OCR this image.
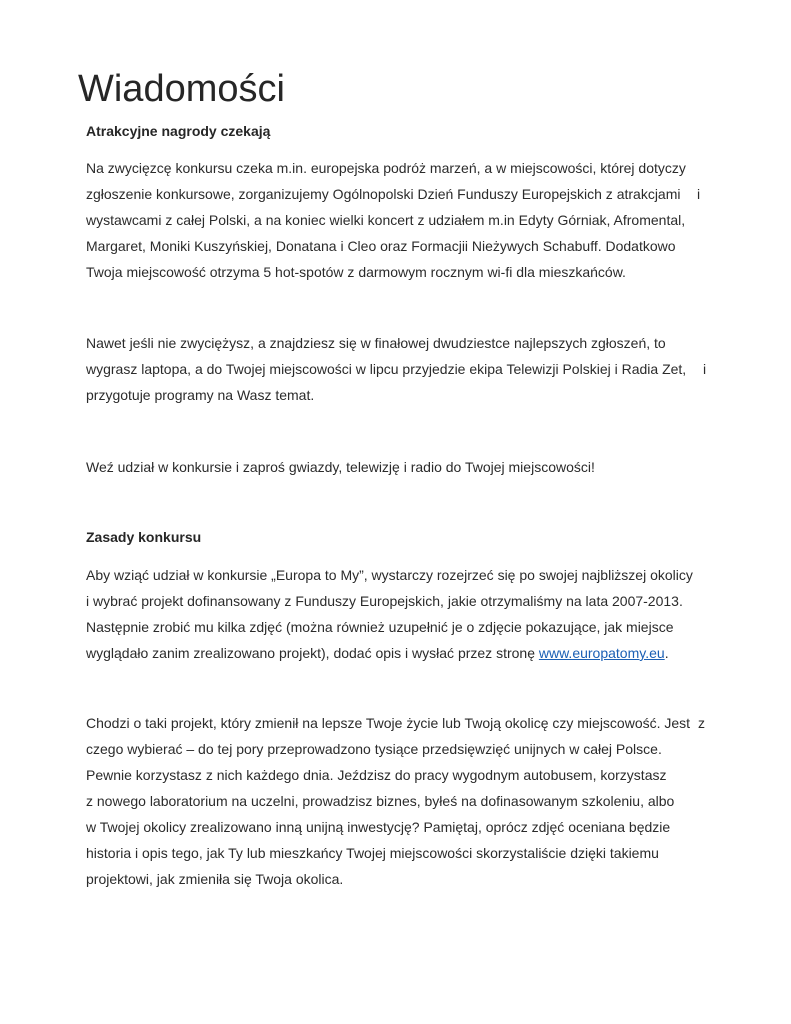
Wiadomości
Atrakcyjne nagrody czekają
Na zwycięzcę konkursu czeka m.in. europejska podróż marzeń, a w miejscowości, której dotyczy
zgłoszenie konkursowe, zorganizujemy Ogólnopolski Dzień Funduszy Europejskich z atrakcjami i
wystawcami z całej Polski, a na koniec wielki koncert z udziałem m.in Edyty Górniak, Afromental,
Margaret, Moniki Kuszyńskiej, Donatana i Cleo oraz Formacjii Nieżywych Schabuff. Dodatkowo
Twoja miejscowość otrzyma 5 hot-spotów z darmowym rocznym wi-fi dla mieszkańców.
Nawet jeśli nie zwyciężysz, a znajdziesz się w finałowej dwudziestce najlepszych zgłoszeń, to
wygrasz laptopa, a do Twojej miejscowości w lipcu przyjedzie ekipa Telewizji Polskiej i Radia Zet, i
przygotuje programy na Wasz temat.
Weź udział w konkursie i zaproś gwiazdy, telewizję i radio do Twojej miejscowości!
Zasady konkursu
Aby wziąć udział w konkursie „Europa to My”, wystarczy rozejrzeć się po swojej najbliższej okolicy
i wybrać projekt dofinansowany z Funduszy Europejskich, jakie otrzymaliśmy na lata 2007-2013.
Następnie zrobić mu kilka zdjęć (można również uzupełnić je o zdjęcie pokazujące, jak miejsce
wyglądało zanim zrealizowano projekt), dodać opis i wysłać przez stronę www.europatomy.eu.
Chodzi o taki projekt, który zmienił na lepsze Twoje życie lub Twoją okolicę czy miejscowość. Jest z
czego wybierać – do tej pory przeprowadzono tysiące przedsięwzięć unijnych w całej Polsce.
Pewnie korzystasz z nich każdego dnia. Jeździsz do pracy wygodnym autobusem, korzystasz
z nowego laboratorium na uczelni, prowadzisz biznes, byłeś na dofinasowanym szkoleniu, albo
w Twojej okolicy zrealizowano inną unijną inwestycję? Pamiętaj, oprócz zdjęć oceniana będzie
historia i opis tego, jak Ty lub mieszkańcy Twojej miejscowości skorzystaliście dzięki takiemu
projektowi, jak zmieniła się Twoja okolica.
